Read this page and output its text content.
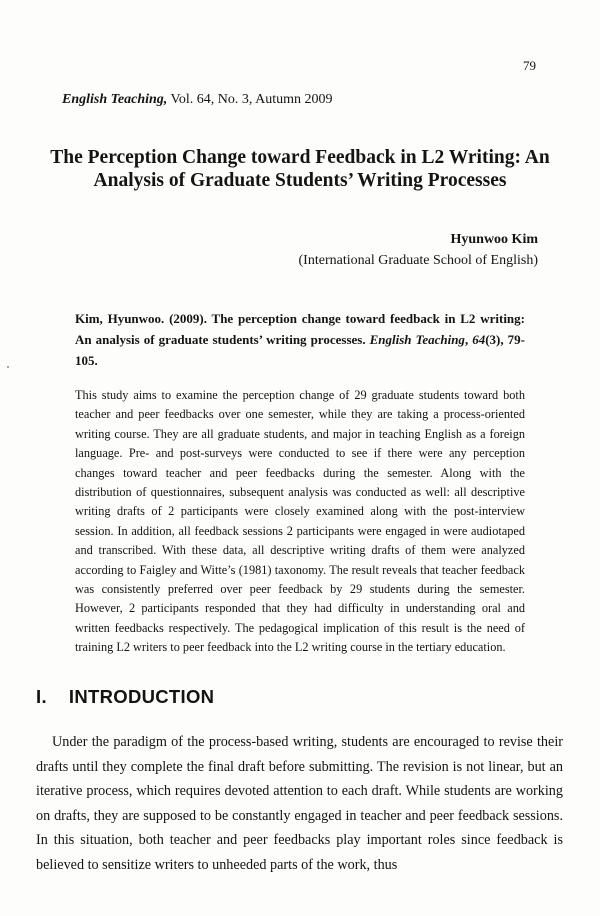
79
English Teaching, Vol. 64, No. 3, Autumn 2009
The Perception Change toward Feedback in L2 Writing: An
Analysis of Graduate Students’ Writing Processes
Hyunwoo Kim
(International Graduate School of English)
Kim, Hyunwoo. (2009). The perception change toward feedback in L2 writing: An analysis of graduate students’ writing processes. English Teaching, 64(3), 79-105.

This study aims to examine the perception change of 29 graduate students toward both teacher and peer feedbacks over one semester, while they are taking a process-oriented writing course. They are all graduate students, and major in teaching English as a foreign language. Pre- and post-surveys were conducted to see if there were any perception changes toward teacher and peer feedbacks during the semester. Along with the distribution of questionnaires, subsequent analysis was conducted as well: all descriptive writing drafts of 2 participants were closely examined along with the post-interview session. In addition, all feedback sessions 2 participants were engaged in were audiotaped and transcribed. With these data, all descriptive writing drafts of them were analyzed according to Faigley and Witte’s (1981) taxonomy. The result reveals that teacher feedback was consistently preferred over peer feedback by 29 students during the semester. However, 2 participants responded that they had difficulty in understanding oral and written feedbacks respectively. The pedagogical implication of this result is the need of training L2 writers to peer feedback into the L2 writing course in the tertiary education.

I. INTRODUCTION

Under the paradigm of the process-based writing, students are encouraged to revise their drafts until they complete the final draft before submitting. The revision is not linear, but an iterative process, which requires devoted attention to each draft. While students are working on drafts, they are supposed to be constantly engaged in teacher and peer feedback sessions. In this situation, both teacher and peer feedbacks play important roles since feedback is believed to sensitize writers to unheeded parts of the work, thus
